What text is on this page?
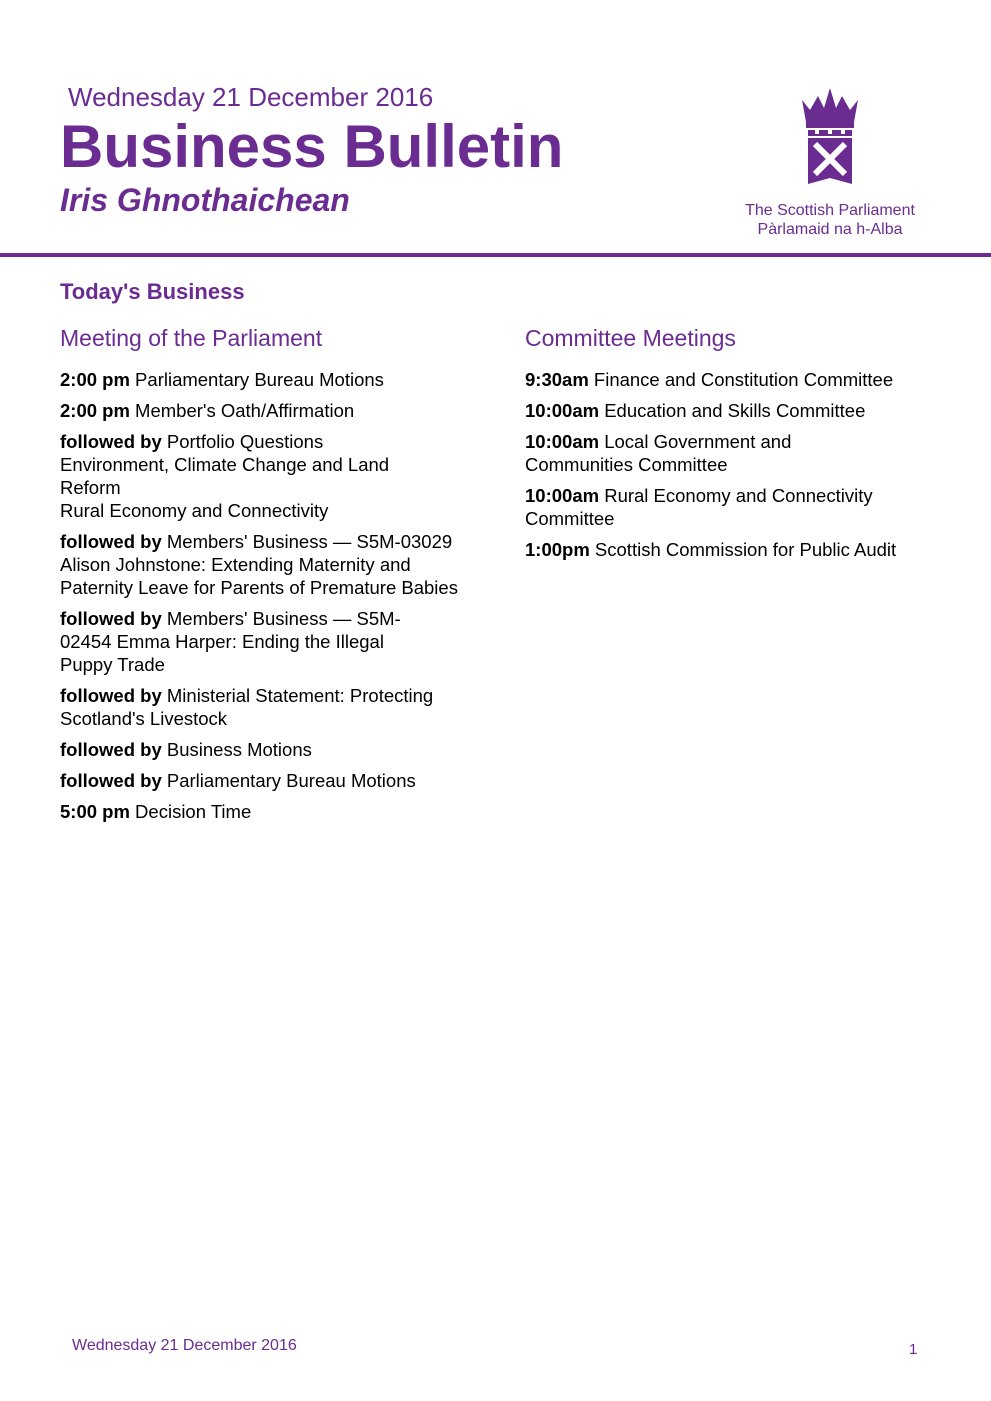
Wednesday 21 December 2016
Business Bulletin
Iris Ghnothaichean	The Scottish Parliament
Pàrlamaid na h-Alba
Today's Business
Meeting of the Parliament
2:00 pm Parliamentary Bureau Motions
2:00 pm Member's Oath/Affirmation
followed by Portfolio Questions
Environment, Climate Change and Land Reform
Rural Economy and Connectivity
followed by Members' Business — S5M-03029 Alison Johnstone: Extending Maternity and Paternity Leave for Parents of Premature Babies
followed by Members' Business — S5M-02454 Emma Harper: Ending the Illegal Puppy Trade
followed by Ministerial Statement: Protecting Scotland's Livestock
followed by Business Motions
followed by Parliamentary Bureau Motions
5:00 pm Decision Time
Committee Meetings
9:30am Finance and Constitution Committee
10:00am Education and Skills Committee
10:00am Local Government and Communities Committee
10:00am Rural Economy and Connectivity Committee
1:00pm Scottish Commission for Public Audit
Wednesday 21 December 2016	1
